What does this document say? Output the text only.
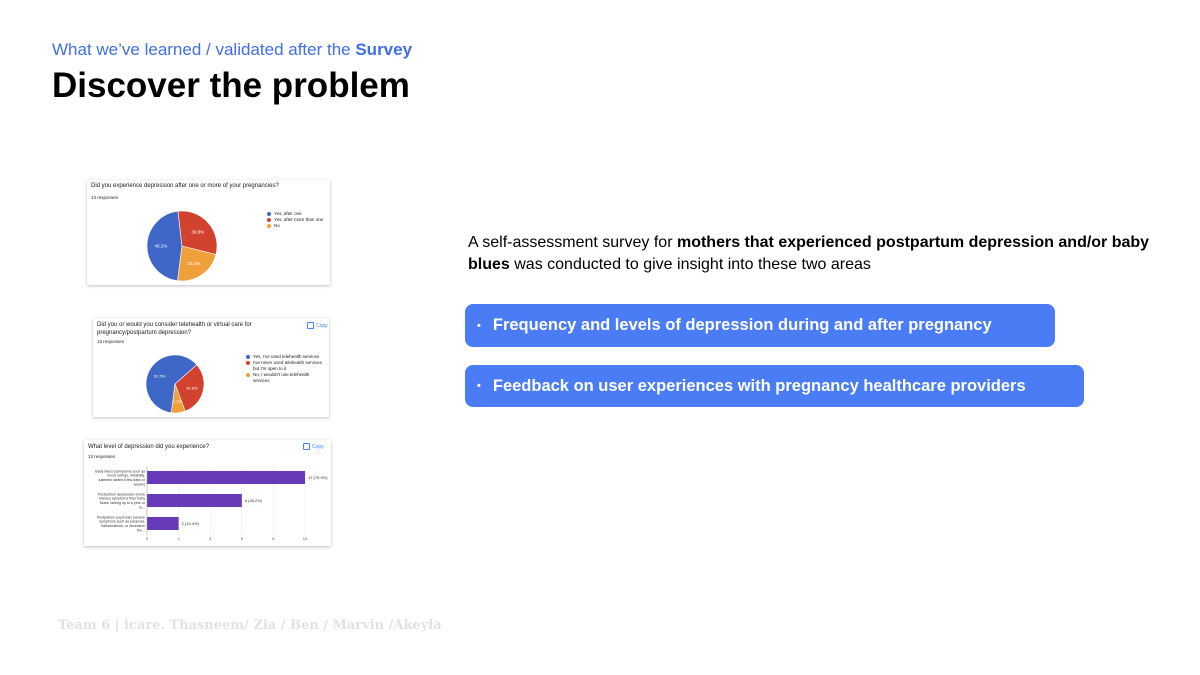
What we’ve learned / validated after the Survey
Discover the problem
Did you experience depression after one or more of your pregnancies?
13 responses
46.2%
30.8%
23.1%
Yes, after one
Yes, after more than one
No
Did you or would you consider telehealth or virtual care for pregnancy/postpartum depression?
13 responses
Copy
61.5%
30.8%
7.7%
Yes, I've used telehealth services
I've never used telehealth services but I'm open to it
No, I wouldn't use telehealth services
What level of depression did you experience?
13 responses
Copy
0	2	4	6	8	10
13 (76.9%)
Baby blues (symptoms such as mood swings, irritability, sadness lasted a few days or weeks)
6 (46.2%)
Postpartum depression (more intense symptoms than baby blues, lasting up to a year or lo...
2 (15.4%)
Postpartum psychosis (severe symptoms such as paranoia, hallucinations, or obsessive tho...
A self-assessment survey for mothers that experienced postpartum depression and/or baby blues was conducted to give insight into these two areas
• Frequency and levels of depression during and after pregnancy
• Feedback on user experiences with pregnancy healthcare providers
Team 6 | icare. Thasneem/ Zia / Ben / Marvin /Akeyla
